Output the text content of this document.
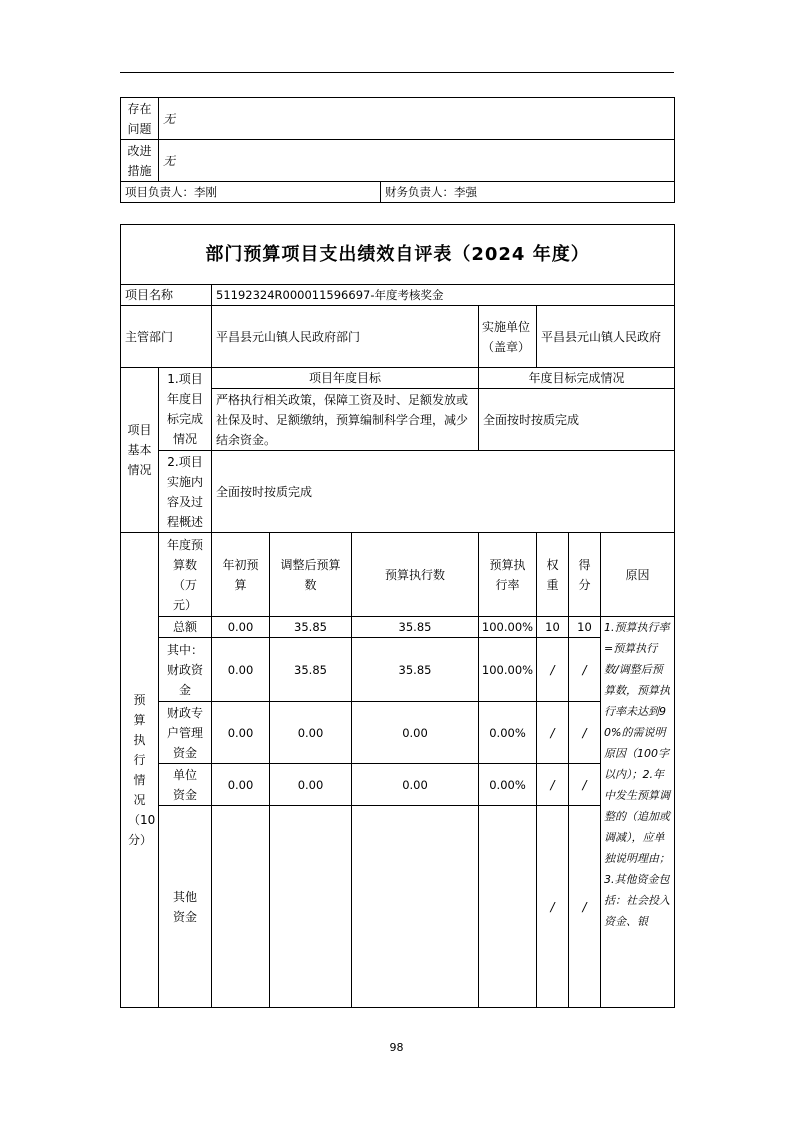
存在问题	无	
改进措施	无	
项目负责人：李刚		财务负责人：李强
部门预算项目支出绩效自评表（2024 年度）								
项目名称		51192324R000011596697-年度考核奖金						
主管部门		平昌县元山镇人民政府部门			实施单位（盖章）	平昌县元山镇人民政府		
项目基本情况	1.项目年度目标完成情况	项目年度目标			年度目标完成情况			
		严格执行相关政策，保障工资及时、足额发放或社保及时、足额缴纳，预算编制科学合理，减少结余资金。			全面按时按质完成			
	2.项目实施内容及过程概述	全面按时按质完成						
预算执行情况（10分）	年度预算数（万元）	年初预算	调整后预算数	预算执行数	预算执行率	权重	得分	原因
	总额	0.00	35.85	35.85	100.00%	10	10	1.预算执行率=预算执行数/调整后预算数，预算执行率未达到90%的需说明原因（100字以内）；2.年中发生预算调整的（追加或调减），应单独说明理由；3.其他资金包括：社会投入资金、银
	其中：财政资金	0.00	35.85	35.85	100.00%	/	/	
	财政专户管理资金	0.00	0.00	0.00	0.00%	/	/	
	单位资金	0.00	0.00	0.00	0.00%	/	/	
	其他资金					/	/	
98
